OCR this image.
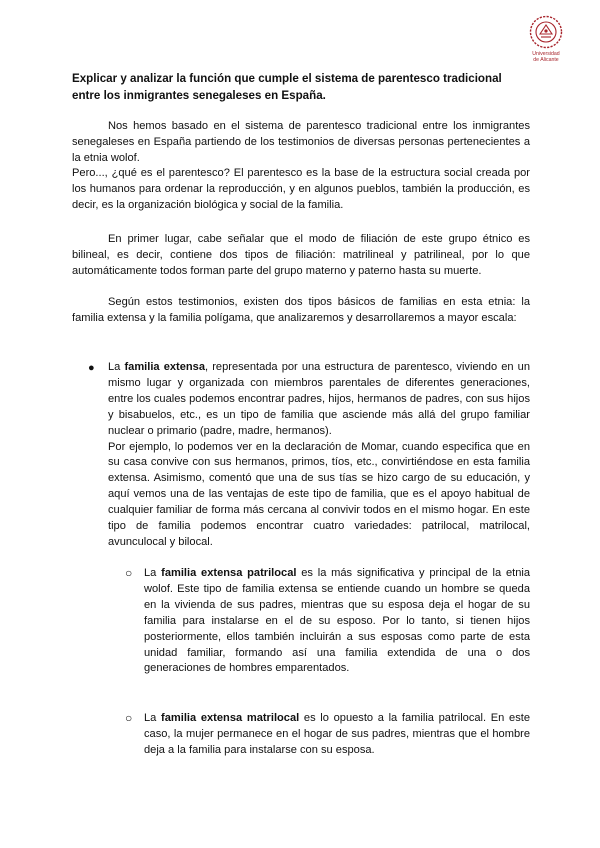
Universidad
de Alicante

Explicar y analizar la función que cumple el sistema de parentesco tradicional entre los inmigrantes senegaleses en España.

Nos hemos basado en el sistema de parentesco tradicional entre los inmigrantes senegaleses en España partiendo de los testimonios de diversas personas pertenecientes a la etnia wolof.

Pero..., ¿qué es el parentesco? El parentesco es la base de la estructura social creada por los humanos para ordenar la reproducción, y en algunos pueblos, también la producción, es decir, es la organización biológica y social de la familia.

En primer lugar, cabe señalar que el modo de filiación de este grupo étnico es bilineal, es decir, contiene dos tipos de filiación: matrilineal y patrilineal, por lo que automáticamente todos forman parte del grupo materno y paterno hasta su muerte.

Según estos testimonios, existen dos tipos básicos de familias en esta etnia: la familia extensa y la familia polígama, que analizaremos y desarrollaremos a mayor escala:

● La familia extensa, representada por una estructura de parentesco, viviendo en un mismo lugar y organizada con miembros parentales de diferentes generaciones, entre los cuales podemos encontrar padres, hijos, hermanos de padres, con sus hijos y bisabuelos, etc., es un tipo de familia que asciende más allá del grupo familiar nuclear o primario (padre, madre, hermanos).

Por ejemplo, lo podemos ver en la declaración de Momar, cuando especifica que en su casa convive con sus hermanos, primos, tíos, etc., convirtiéndose en esta familia extensa. Asimismo, comentó que una de sus tías se hizo cargo de su educación, y aquí vemos una de las ventajas de este tipo de familia, que es el apoyo habitual de cualquier familiar de forma más cercana al convivir todos en el mismo hogar. En este tipo de familia podemos encontrar cuatro variedades: patrilocal, matrilocal, avunculocal y bilocal.

○ La familia extensa patrilocal es la más significativa y principal de la etnia wolof. Este tipo de familia extensa se entiende cuando un hombre se queda en la vivienda de sus padres, mientras que su esposa deja el hogar de su familia para instalarse en el de su esposo. Por lo tanto, si tienen hijos posteriormente, ellos también incluirán a sus esposas como parte de esta unidad familiar, formando así una familia extendida de una o dos generaciones de hombres emparentados.

○ La familia extensa matrilocal es lo opuesto a la familia patrilocal. En este caso, la mujer permanece en el hogar de sus padres, mientras que el hombre deja a la familia para instalarse con su esposa.
